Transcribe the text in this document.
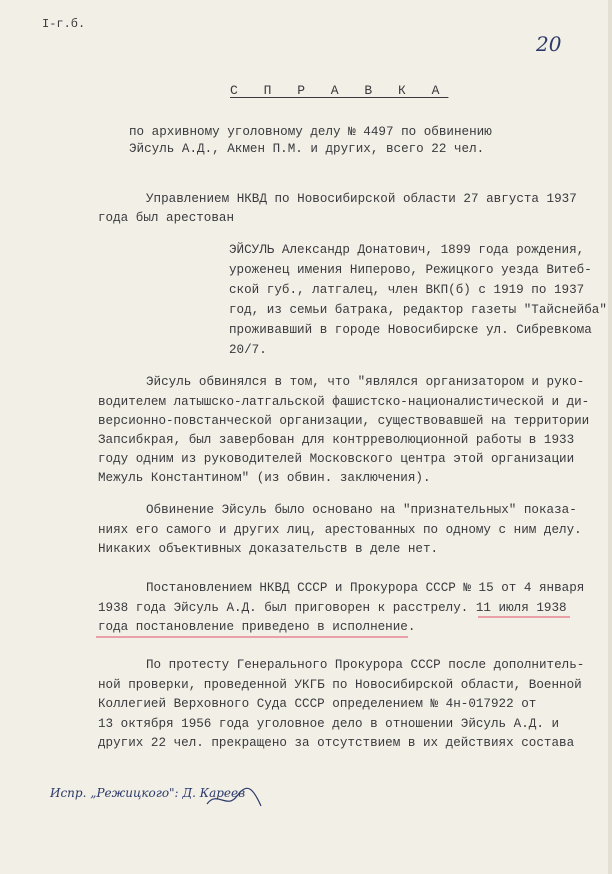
I-г.б.
20
С П Р А В К А
по архивному уголовному делу № 4497 по обвинению
Эйсуль А.Д., Акмен П.М. и других, всего 22 чел.
Управлением НКВД по Новосибирской области 27 августа 1937
года был арестован
ЭЙСУЛЬ Александр Донатович, 1899 года рождения,
уроженец имения Ниперово, Режицкого уезда Витеб-
ской губ., латгалец, член ВКП(б) с 1919 по 1937
год, из семьи батрака, редактор газеты "Тайснейба"
проживавший в городе Новосибирске ул. Сибревкома
20/7.
Эйсуль обвинялся в том, что "являлся организатором и руко-
водителем латышско-латгальской фашистско-националистической и ди-
версионно-повстанческой организации, существовавшей на территории
Запсибкрая, был завербован для контрреволюционной работы в 1933
году одним из руководителей Московского центра этой организации
Межуль Константином" (из обвин. заключения).
Обвинение Эйсуль было основано на "признательных" показа-
ниях его самого и других лиц, арестованных по одному с ним делу.
Никаких объективных доказательств в деле нет.
Постановлением НКВД СССР и Прокурора СССР № 15 от 4 января
1938 года Эйсуль А.Д. был приговорен к расстрелу. 11 июля 1938
года постановление приведено в исполнение.
По протесту Генерального Прокурора СССР после дополнитель-
ной проверки, проведенной УКГБ по Новосибирской области, Военной
Коллегией Верховного Суда СССР определением № 4н-017922 от
13 октября 1956 года уголовное дело в отношении Эйсуль А.Д. и
других 22 чел. прекращено за отсутствием в их действиях состава
Испр. „Режицкого": Д. Кареев
